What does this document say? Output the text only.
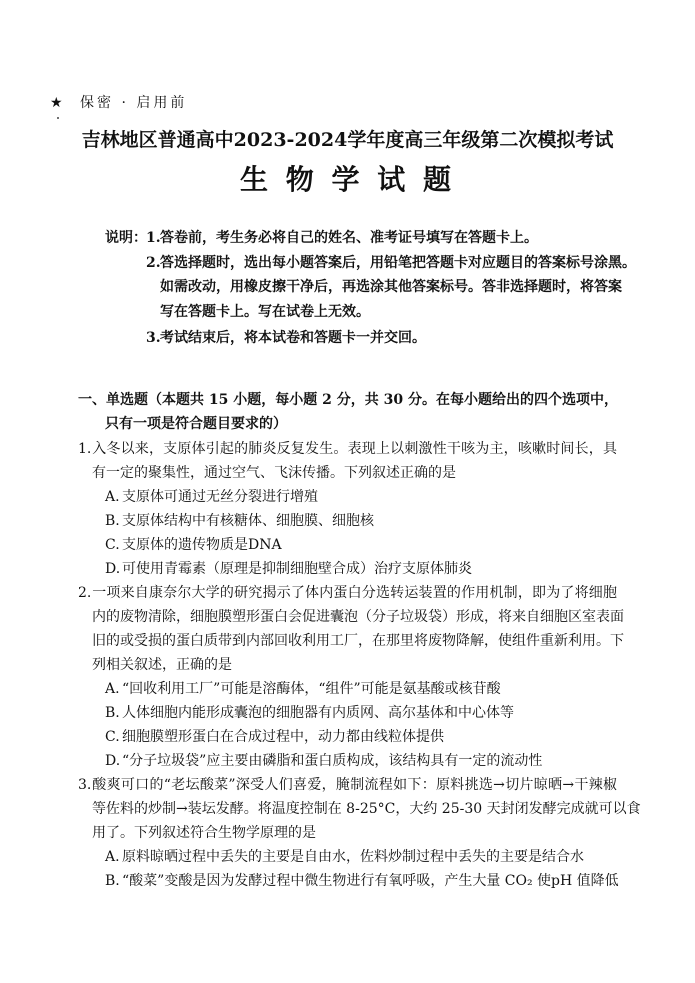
★ 保密 · 启用前
吉林地区普通高中2023-2024学年度高三年级第二次模拟考试
生 物 学 试 题
说明：1.答卷前，考生务必将自己的姓名、准考证号填写在答题卡上。
2.答选择题时，选出每小题答案后，用铅笔把答题卡对应题目的答案标号涂黑。
如需改动，用橡皮擦干净后，再选涂其他答案标号。答非选择题时，将答案
写在答题卡上。写在试卷上无效。
3.考试结束后，将本试卷和答题卡一并交回。
一、单选题（本题共 15 小题，每小题 2 分，共 30 分。在每小题给出的四个选项中，
只有一项是符合题目要求的）
1.入冬以来，支原体引起的肺炎反复发生。表现上以刺激性干咳为主，咳嗽时间长，具
有一定的聚集性，通过空气、飞沫传播。下列叙述正确的是
A. 支原体可通过无丝分裂进行增殖
B. 支原体结构中有核糖体、细胞膜、细胞核
C. 支原体的遗传物质是DNA
D. 可使用青霉素（原理是抑制细胞壁合成）治疗支原体肺炎
2.一项来自康奈尔大学的研究揭示了体内蛋白分选转运装置的作用机制，即为了将细胞
内的废物清除，细胞膜塑形蛋白会促进囊泡（分子垃圾袋）形成，将来自细胞区室表面
旧的或受损的蛋白质带到内部回收利用工厂，在那里将废物降解，使组件重新利用。下
列相关叙述，正确的是
A. “回收利用工厂”可能是溶酶体，“组件”可能是氨基酸或核苷酸
B. 人体细胞内能形成囊泡的细胞器有内质网、高尔基体和中心体等
C. 细胞膜塑形蛋白在合成过程中，动力都由线粒体提供
D. “分子垃圾袋”应主要由磷脂和蛋白质构成，该结构具有一定的流动性
3.酸爽可口的“老坛酸菜”深受人们喜爱，腌制流程如下：原料挑选→切片晾晒→干辣椒
等佐料的炒制→装坛发酵。将温度控制在 8-25°C，大约 25-30 天封闭发酵完成就可以食
用了。下列叙述符合生物学原理的是
A. 原料晾晒过程中丢失的主要是自由水，佐料炒制过程中丢失的主要是结合水
B. “酸菜”变酸是因为发酵过程中微生物进行有氧呼吸，产生大量 CO₂ 使pH 值降低
